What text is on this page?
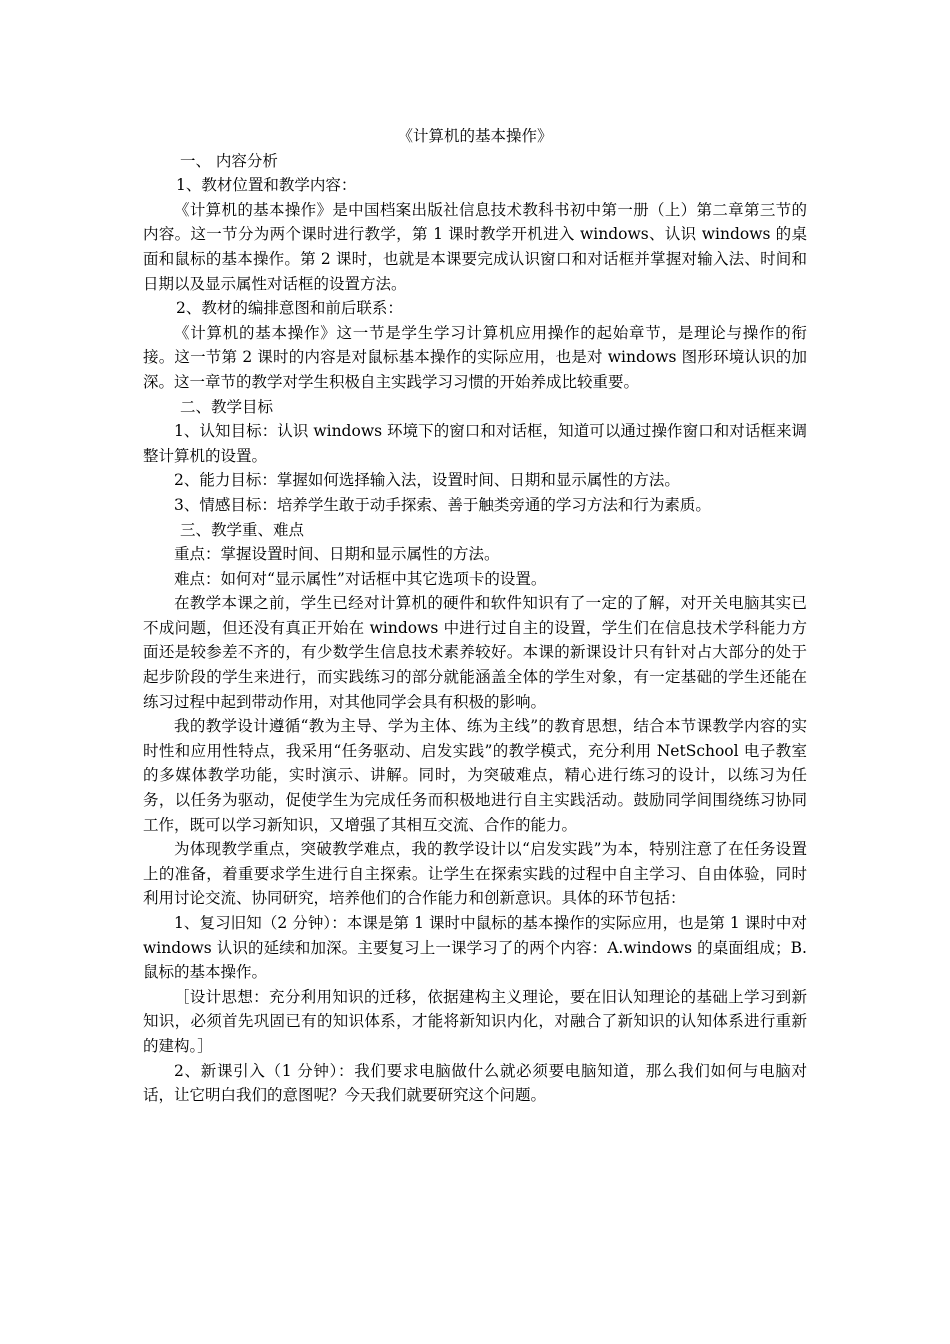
《计算机的基本操作》

一、 内容分析

1、教材位置和教学内容：

《计算机的基本操作》是中国档案出版社信息技术教科书初中第一册（上）第二章第三节的内容。这一节分为两个课时进行教学，第 1 课时教学开机进入 windows、认识 windows 的桌面和鼠标的基本操作。第 2 课时，也就是本课要完成认识窗口和对话框并掌握对输入法、时间和日期以及显示属性对话框的设置方法。

2、教材的编排意图和前后联系：

《计算机的基本操作》这一节是学生学习计算机应用操作的起始章节，是理论与操作的衔接。这一节第 2 课时的内容是对鼠标基本操作的实际应用，也是对 windows 图形环境认识的加深。这一章节的教学对学生积极自主实践学习习惯的开始养成比较重要。

二、教学目标

1、认知目标：认识 windows 环境下的窗口和对话框，知道可以通过操作窗口和对话框来调整计算机的设置。

2、能力目标：掌握如何选择输入法，设置时间、日期和显示属性的方法。

3、情感目标：培养学生敢于动手探索、善于触类旁通的学习方法和行为素质。

三、教学重、难点

重点：掌握设置时间、日期和显示属性的方法。

难点：如何对“显示属性”对话框中其它选项卡的设置。

在教学本课之前，学生已经对计算机的硬件和软件知识有了一定的了解，对开关电脑其实已不成问题，但还没有真正开始在 windows 中进行过自主的设置，学生们在信息技术学科能力方面还是较参差不齐的，有少数学生信息技术素养较好。本课的新课设计只有针对占大部分的处于起步阶段的学生来进行，而实践练习的部分就能涵盖全体的学生对象，有一定基础的学生还能在练习过程中起到带动作用，对其他同学会具有积极的影响。

我的教学设计遵循“教为主导、学为主体、练为主线”的教育思想，结合本节课教学内容的实时性和应用性特点，我采用“任务驱动、启发实践”的教学模式，充分利用 NetSchool 电子教室的多媒体教学功能，实时演示、讲解。同时，为突破难点，精心进行练习的设计，以练习为任务，以任务为驱动，促使学生为完成任务而积极地进行自主实践活动。鼓励同学间围绕练习协同工作，既可以学习新知识，又增强了其相互交流、合作的能力。

为体现教学重点，突破教学难点，我的教学设计以“启发实践”为本，特别注意了在任务设置上的准备，着重要求学生进行自主探索。让学生在探索实践的过程中自主学习、自由体验，同时利用讨论交流、协同研究，培养他们的合作能力和创新意识。具体的环节包括：

1、复习旧知（2 分钟）：本课是第 1 课时中鼠标的基本操作的实际应用，也是第 1 课时中对 windows 认识的延续和加深。主要复习上一课学习了的两个内容：A.windows 的桌面组成；B.鼠标的基本操作。

［设计思想：充分利用知识的迁移，依据建构主义理论，要在旧认知理论的基础上学习到新知识，必须首先巩固已有的知识体系，才能将新知识内化，对融合了新知识的认知体系进行重新的建构。］

2、新课引入（1 分钟）：我们要求电脑做什么就必须要电脑知道，那么我们如何与电脑对话，让它明白我们的意图呢？今天我们就要研究这个问题。
